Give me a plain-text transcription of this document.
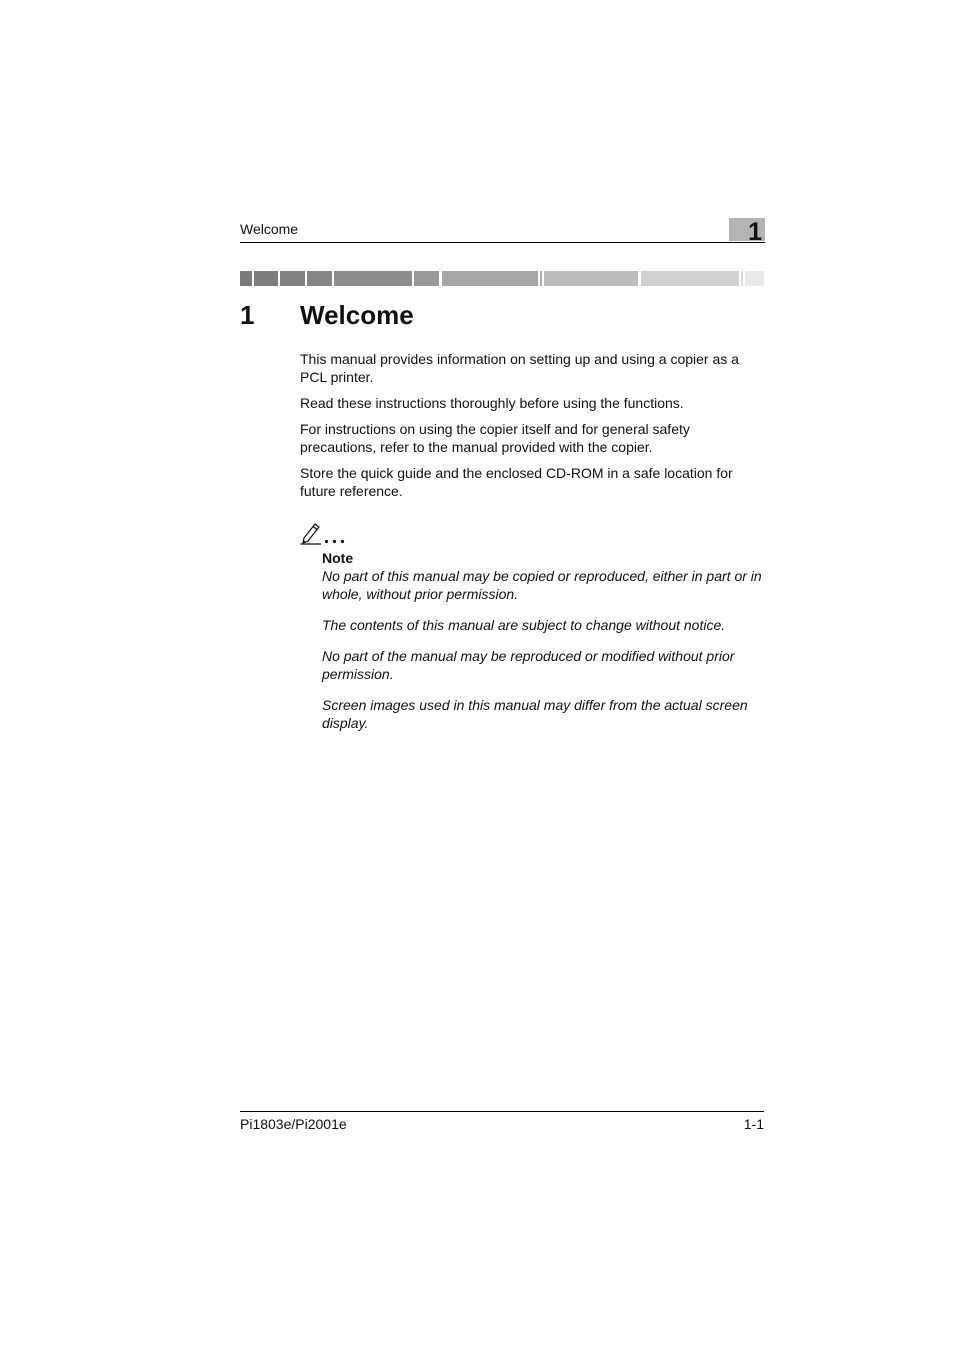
Welcome	1
1 Welcome

This manual provides information on setting up and using a copier as a PCL printer.

Read these instructions thoroughly before using the functions.

For instructions on using the copier itself and for general safety precautions, refer to the manual provided with the copier.

Store the quick guide and the enclosed CD-ROM in a safe location for future reference.

Note

No part of this manual may be copied or reproduced, either in part or in whole, without prior permission.

The contents of this manual are subject to change without notice.

No part of the manual may be reproduced or modified without prior permission.

Screen images used in this manual may differ from the actual screen display.

Pi1803e/Pi2001e	1-1
